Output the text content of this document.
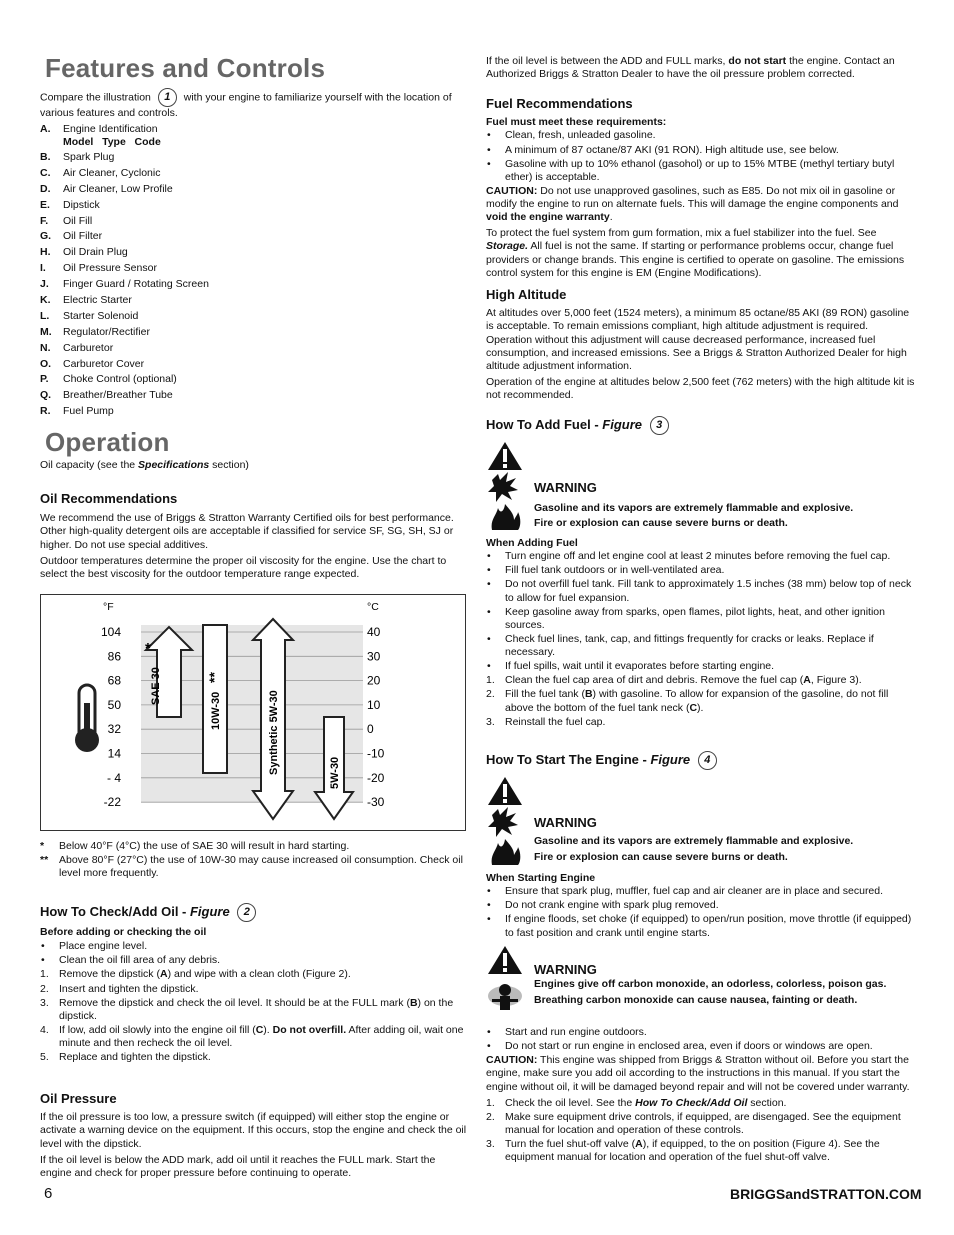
Features and Controls
Compare the illustration 1 with your engine to familiarize yourself with the location of various features and controls.
A. Engine Identification
Model   Type   Code
B. Spark Plug
C. Air Cleaner, Cyclonic
D. Air Cleaner, Low Profile
E. Dipstick
F. Oil Fill
G. Oil Filter
H. Oil Drain Plug
I. Oil Pressure Sensor
J. Finger Guard / Rotating Screen
K. Electric Starter
L. Starter Solenoid
M. Regulator/Rectifier
N. Carburetor
O. Carburetor Cover
P. Choke Control (optional)
Q. Breather/Breather Tube
R. Fuel Pump
Operation
Oil capacity (see the Specifications section)
Oil Recommendations

We recommend the use of Briggs & Stratton Warranty Certified oils for best performance. Other high-quality detergent oils are acceptable if classified for service SF, SG, SH, SJ or higher. Do not use special additives.

Outdoor temperatures determine the proper oil viscosity for the engine. Use the chart to select the best viscosity for the outdoor temperature range expected.

°F	°C
104	40
86	30
68	20
50	10
32	0
14	-10
- 4	-20
-22	-30
SAE 30
*
10W-30
**
Synthetic 5W-30	5W-30
* Below 40°F (4°C) the use of SAE 30 will result in hard starting.
** Above 80°F (27°C) the use of 10W-30 may cause increased oil consumption. Check oil level more frequently.
How To Check/Add Oil - Figure 2
Before adding or checking the oil
• Place engine level.
• Clean the oil fill area of any debris.
1. Remove the dipstick (A) and wipe with a clean cloth (Figure 2).
2. Insert and tighten the dipstick.
3. Remove the dipstick and check the oil level. It should be at the FULL mark (B) on the dipstick.
4. If low, add oil slowly into the engine oil fill (C). Do not overfill. After adding oil, wait one minute and then recheck the oil level.
5. Replace and tighten the dipstick.
Oil Pressure

If the oil pressure is too low, a pressure switch (if equipped) will either stop the engine or activate a warning device on the equipment. If this occurs, stop the engine and check the oil level with the dipstick.

If the oil level is below the ADD mark, add oil until it reaches the FULL mark. Start the engine and check for proper pressure before continuing to operate.

If the oil level is between the ADD and FULL marks, do not start the engine. Contact an Authorized Briggs & Stratton Dealer to have the oil pressure problem corrected.

Fuel Recommendations
Fuel must meet these requirements:
• Clean, fresh, unleaded gasoline.
• A minimum of 87 octane/87 AKI (91 RON). High altitude use, see below.
• Gasoline with up to 10% ethanol (gasohol) or up to 15% MTBE (methyl tertiary butyl ether) is acceptable.

CAUTION: Do not use unapproved gasolines, such as E85. Do not mix oil in gasoline or modify the engine to run on alternate fuels. This will damage the engine components and void the engine warranty.

To protect the fuel system from gum formation, mix a fuel stabilizer into the fuel. See Storage. All fuel is not the same. If starting or performance problems occur, change fuel providers or change brands. This engine is certified to operate on gasoline. The emissions control system for this engine is EM (Engine Modifications).

High Altitude

At altitudes over 5,000 feet (1524 meters), a minimum 85 octane/85 AKI (89 RON) gasoline is acceptable. To remain emissions compliant, high altitude adjustment is required. Operation without this adjustment will cause decreased performance, increased fuel consumption, and increased emissions. See a Briggs & Stratton Authorized Dealer for high altitude adjustment information.

Operation of the engine at altitudes below 2,500 feet (762 meters) with the high altitude kit is not recommended.

How To Add Fuel - Figure 3
WARNING
Gasoline and its vapors are extremely flammable and explosive.
Fire or explosion can cause severe burns or death.
When Adding Fuel
• Turn engine off and let engine cool at least 2 minutes before removing the fuel cap.
• Fill fuel tank outdoors or in well-ventilated area.
• Do not overfill fuel tank. Fill tank to approximately 1.5 inches (38 mm) below top of neck to allow for fuel expansion.
• Keep gasoline away from sparks, open flames, pilot lights, heat, and other ignition sources.
• Check fuel lines, tank, cap, and fittings frequently for cracks or leaks. Replace if necessary.
• If fuel spills, wait until it evaporates before starting engine.
1. Clean the fuel cap area of dirt and debris. Remove the fuel cap (A, Figure 3).
2. Fill the fuel tank (B) with gasoline. To allow for expansion of the gasoline, do not fill above the bottom of the fuel tank neck (C).
3. Reinstall the fuel cap.
How To Start The Engine - Figure 4
WARNING
Gasoline and its vapors are extremely flammable and explosive.
Fire or explosion can cause severe burns or death.
When Starting Engine
• Ensure that spark plug, muffler, fuel cap and air cleaner are in place and secured.
• Do not crank engine with spark plug removed.
• If engine floods, set choke (if equipped) to open/run position, move throttle (if equipped) to fast position and crank until engine starts.
WARNING
Engines give off carbon monoxide, an odorless, colorless, poison gas.
Breathing carbon monoxide can cause nausea, fainting or death.
• Start and run engine outdoors.
• Do not start or run engine in enclosed area, even if doors or windows are open.

CAUTION: This engine was shipped from Briggs & Stratton without oil. Before you start the engine, make sure you add oil according to the instructions in this manual. If you start the engine without oil, it will be damaged beyond repair and will not be covered under warranty.

1. Check the oil level. See the How To Check/Add Oil section.
2. Make sure equipment drive controls, if equipped, are disengaged. See the equipment manual for location and operation of these controls.
3. Turn the fuel shut-off valve (A), if equipped, to the on position (Figure 4). See the equipment manual for location and operation of the fuel shut-off valve.
6	BRIGGSandSTRATTON.COM
